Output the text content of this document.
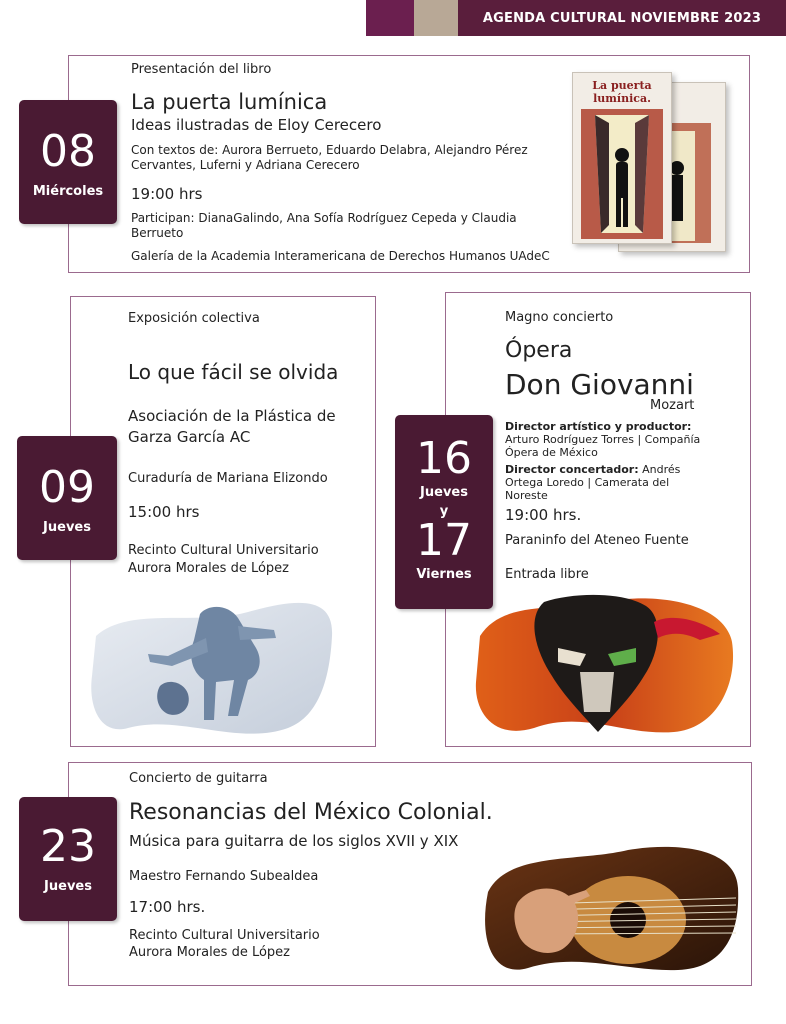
AGENDA CULTURAL NOVIEMBRE 2023
08
Miércoles

Presentación del libro

La puerta lumínica

Ideas ilustradas de Eloy Cerecero

Con textos de: Aurora Berrueto, Eduardo Delabra, Alejandro Pérez Cervantes, Luferni y Adriana Cerecero

19:00 hrs

Participan: DianaGalindo, Ana Sofía Rodríguez Cepeda y Claudia Berrueto

Galería de la Academia Interamericana de Derechos Humanos UAdeC

La puerta lumínica.
09
Jueves

Exposición colectiva

Lo que fácil se olvida

Asociación de la Plástica de

Garza García AC

Curaduría de Mariana Elizondo

15:00 hrs

Recinto Cultural Universitario

Aurora Morales de López

16
Jueves
y
17
Viernes

Magno concierto

Ópera

Don Giovanni

Mozart

Director artístico y productor: Arturo Rodríguez Torres | Compañía Ópera de México
Director concertador: Andrés Ortega Loredo | Camerata del Noreste

19:00 hrs.

Paraninfo del Ateneo Fuente

Entrada libre

23
Jueves

Concierto de guitarra

Resonancias del México Colonial.

Música para guitarra de los siglos XVII y XIX

Maestro Fernando Subealdea

17:00 hrs.

Recinto Cultural Universitario

Aurora Morales de López
